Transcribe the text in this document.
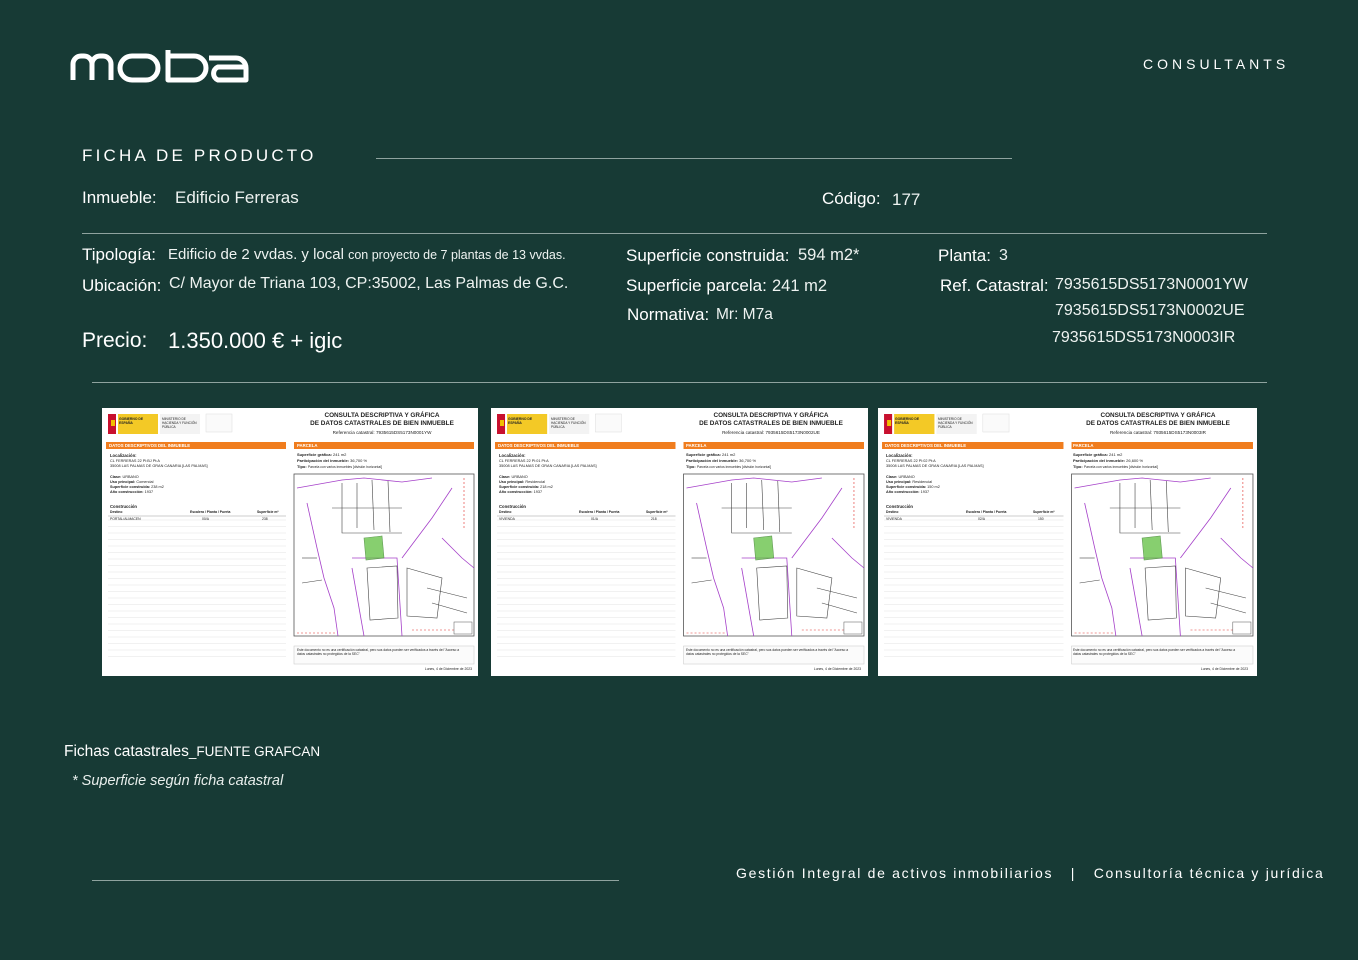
CONSULTANTS
FICHA DE PRODUCTO
Inmueble: Edificio Ferreras	Código: 177
Tipología: Edificio de 2 vvdas. y local con proyecto de 7 plantas de 13 vvdas.
Ubicación: C/ Mayor de Triana 103, CP:35002, Las Palmas de G.C.
Precio: 1.350.000 € + igic
Superficie construida: 594 m2*
Superficie parcela: 241 m2
Normativa: Mr: M7a
Planta: 3
Ref. Catastral: 7935615DS5173N0001YW
7935615DS5173N0002UE
7935615DS5173N0003IR
GOBIERNO DE ESPAÑA
MINISTERIO DE HACIENDA Y FUNCIÓN PÚBLICA
CONSULTA DESCRIPTIVA Y GRÁFICA
DE DATOS CATASTRALES DE BIEN INMUEBLE
Referencia catastral: 7935615DS5173N0001YW
DATOS DESCRIPTIVOS DEL INMUEBLE	PARCELA
Localización:
CL FERRERAS 22 Pl:BJ Pt:A
35008 LAS PALMAS DE GRAN CANARIA [LAS PALMAS]
Clase: URBANO
Uso principal: Comercial
Superficie construida: 238 m2
Año construcción: 1937
Construcción
Destino	Escalera / Planta / Puerta	Superficie m²
PORTAL/ALMACEN	00/A	238
Superficie gráfica: 241 m2
Participación del inmueble: 36,700 %
Tipo: Parcela con varios inmuebles [división horizontal]
Este documento no es una certificación catastral, pero sus datos pueden ser verificados a través del "Acceso a datos catastrales no protegidos de la SEC"
Lunes, 4 de Diciembre de 2023
GOBIERNO DE ESPAÑA
MINISTERIO DE HACIENDA Y FUNCIÓN PÚBLICA
CONSULTA DESCRIPTIVA Y GRÁFICA
DE DATOS CATASTRALES DE BIEN INMUEBLE
Referencia catastral: 7935615DS5173N0002UE
DATOS DESCRIPTIVOS DEL INMUEBLE	PARCELA
Localización:
CL FERRERAS 22 Pl:01 Pt:A
35008 LAS PALMAS DE GRAN CANARIA [LAS PALMAS]
Clase: URBANO
Uso principal: Residencial
Superficie construida: 218 m2
Año construcción: 1937
Construcción
Destino	Escalera / Planta / Puerta	Superficie m²
VIVIENDA	01/A	218
Superficie gráfica: 241 m2
Participación del inmueble: 36,700 %
Tipo: Parcela con varios inmuebles [división horizontal]
Este documento no es una certificación catastral, pero sus datos pueden ser verificados a través del "Acceso a datos catastrales no protegidos de la SEC"
Lunes, 4 de Diciembre de 2023
GOBIERNO DE ESPAÑA
MINISTERIO DE HACIENDA Y FUNCIÓN PÚBLICA
CONSULTA DESCRIPTIVA Y GRÁFICA
DE DATOS CATASTRALES DE BIEN INMUEBLE
Referencia catastral: 7935615DS5173N0003IR
DATOS DESCRIPTIVOS DEL INMUEBLE	PARCELA
Localización:
CL FERRERAS 22 Pl:02 Pt:A
35008 LAS PALMAS DE GRAN CANARIA [LAS PALMAS]
Clase: URBANO
Uso principal: Residencial
Superficie construida: 150 m2
Año construcción: 1937
Construcción
Destino	Escalera / Planta / Puerta	Superficie m²
VIVIENDA	02/A	150
Superficie gráfica: 241 m2
Participación del inmueble: 26,600 %
Tipo: Parcela con varios inmuebles [división horizontal]
Este documento no es una certificación catastral, pero sus datos pueden ser verificados a través del "Acceso a datos catastrales no protegidos de la SEC"
Lunes, 4 de Diciembre de 2023
Fichas catastrales_FUENTE GRAFCAN
* Superficie según ficha catastral
Gestión Integral de activos inmobiliarios | Consultoría técnica y jurídica
